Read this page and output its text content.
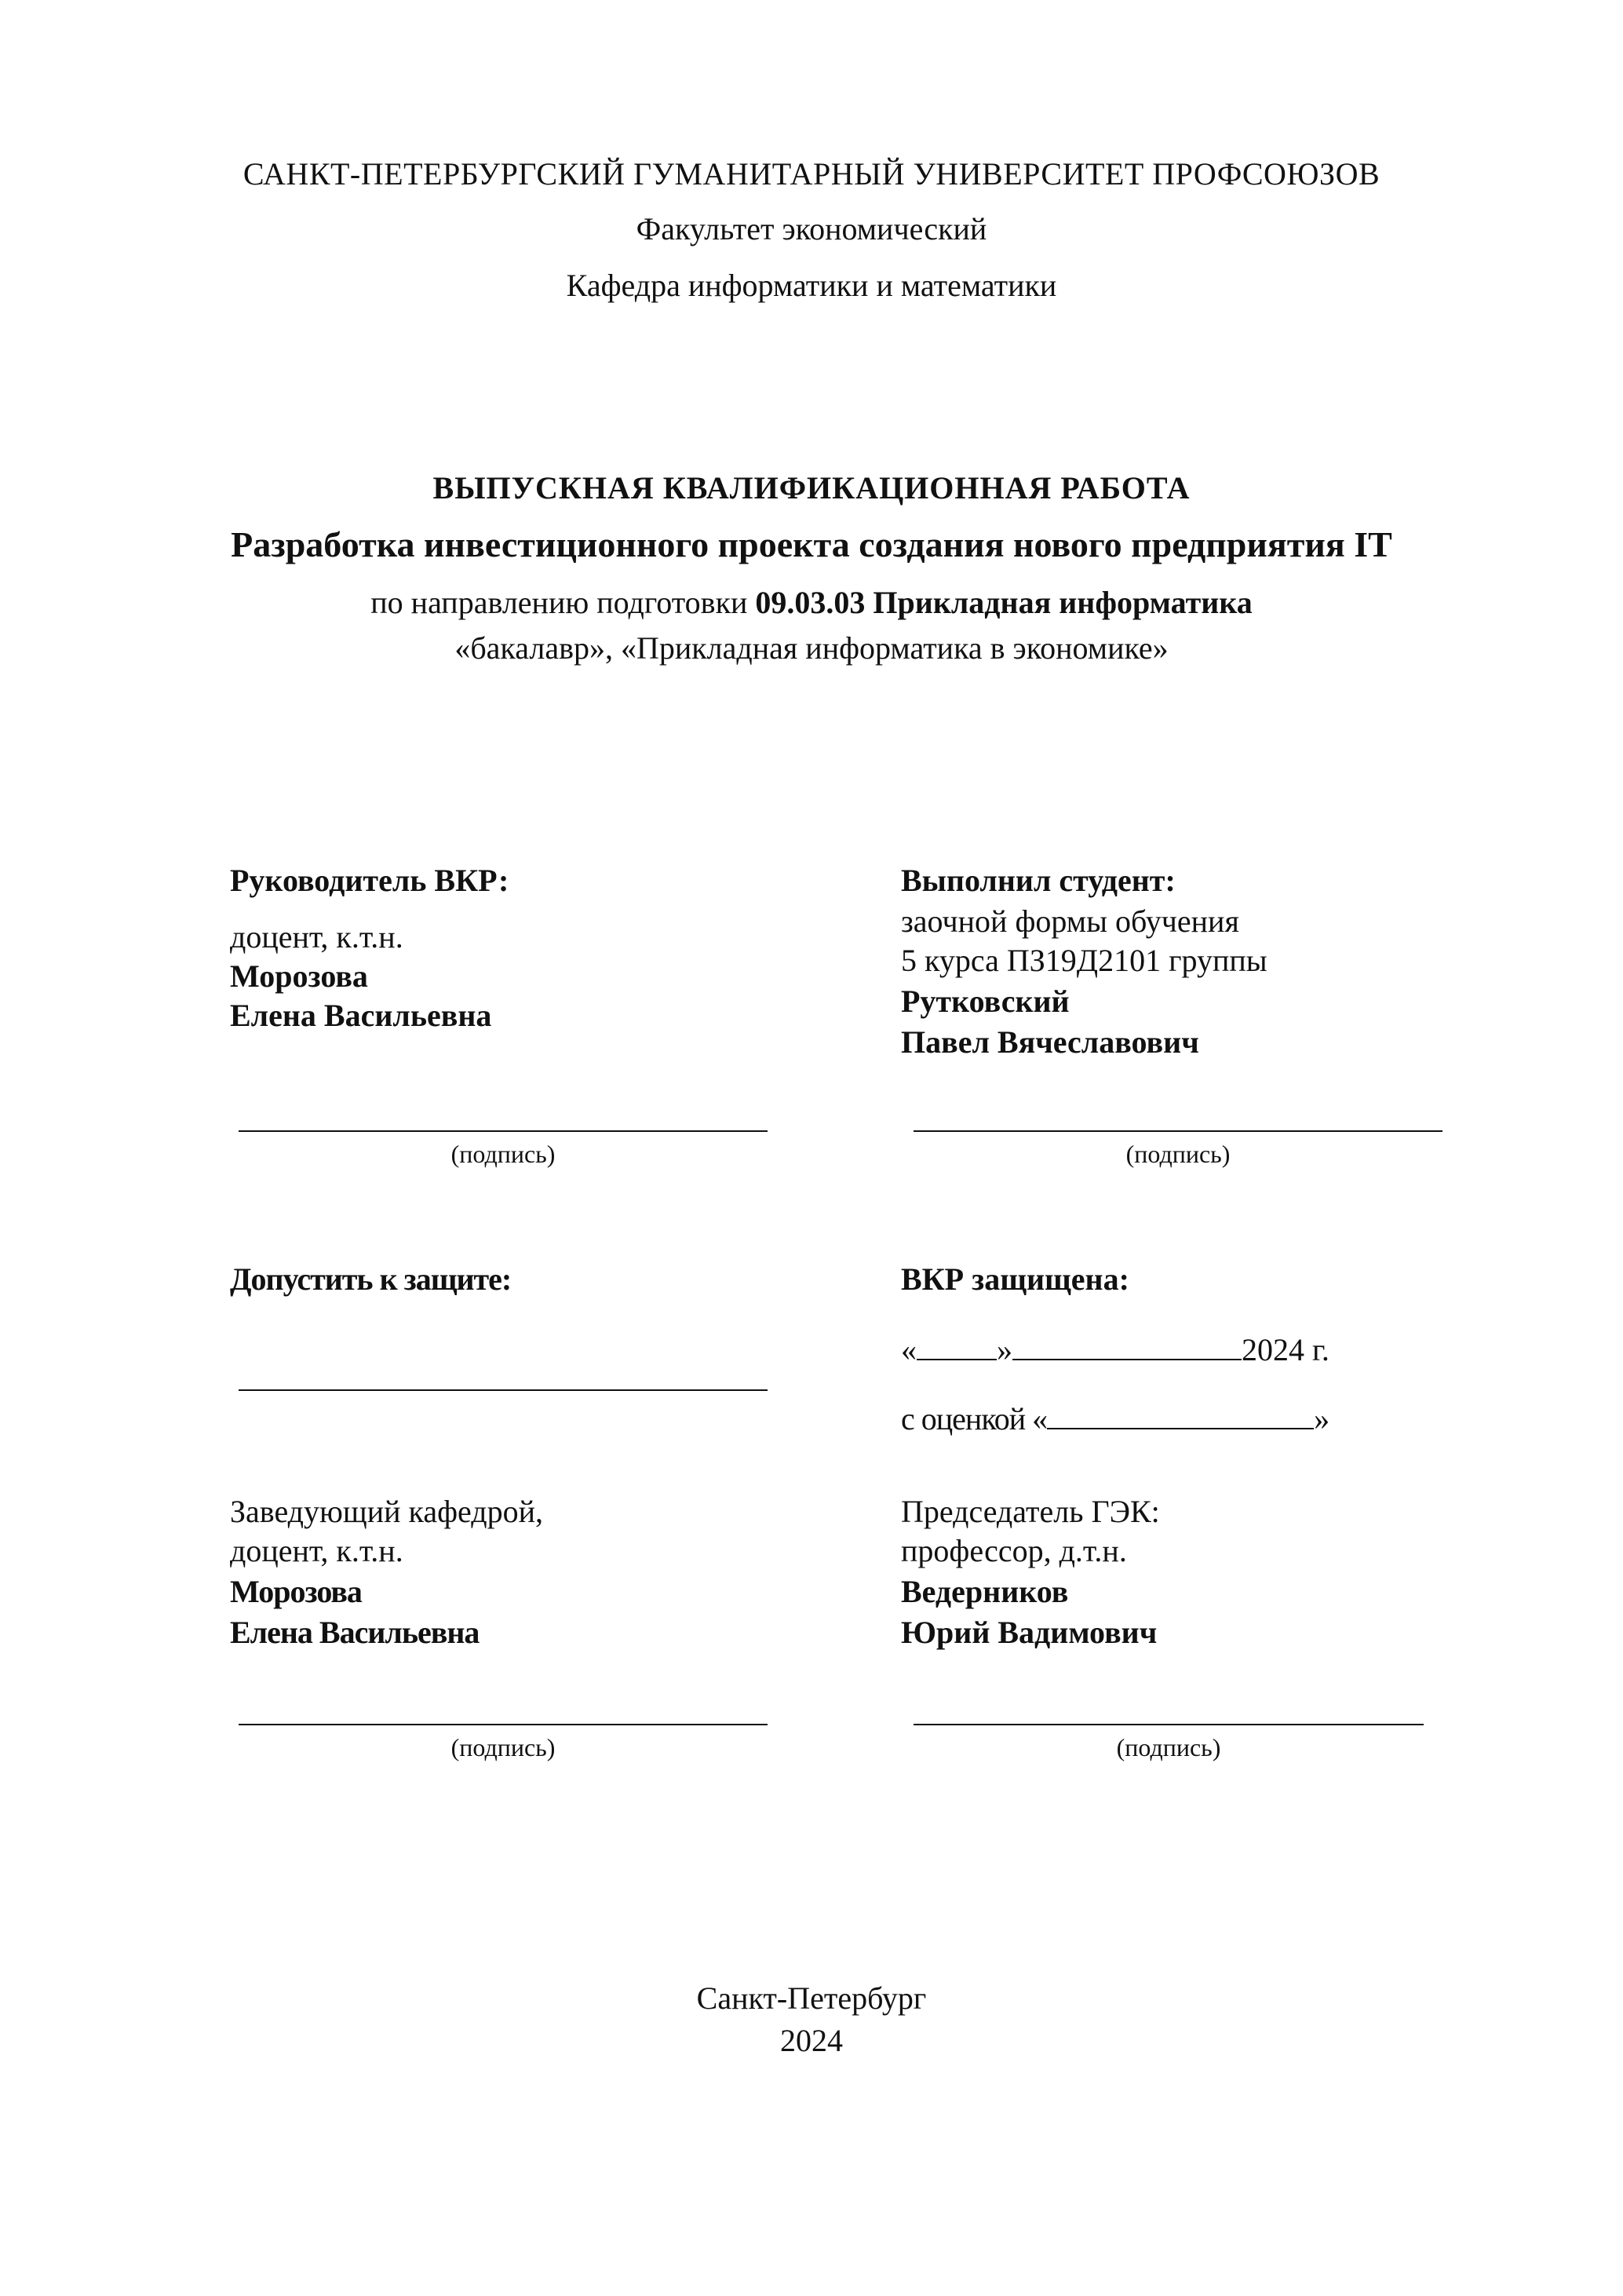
САНКТ-ПЕТЕРБУРГСКИЙ ГУМАНИТАРНЫЙ УНИВЕРСИТЕТ ПРОФСОЮЗОВ
Факультет экономический
Кафедра информатики и математики
ВЫПУСКНАЯ КВАЛИФИКАЦИОННАЯ РАБОТА
Разработка инвестиционного проекта создания нового предприятия IT
по направлению подготовки 09.03.03 Прикладная информатика
«бакалавр», «Прикладная информатика в экономике»
Руководитель ВКР:
доцент, к.т.н.
Морозова
Елена Васильевна
(подпись)
Выполнил студент:
заочной формы обучения
5 курса ПЗ19Д2101 группы
Рутковский
Павел Вячеславович
(подпись)
Допустить к защите:	ВКР защищена:
«	»	2024 г.
с оценкой «	»
Заведующий кафедрой,
доцент, к.т.н.
Морозова
Елена Васильевна
(подпись)
Председатель ГЭК:
профессор, д.т.н.
Ведерников
Юрий Вадимович
(подпись)
Санкт-Петербург
2024
